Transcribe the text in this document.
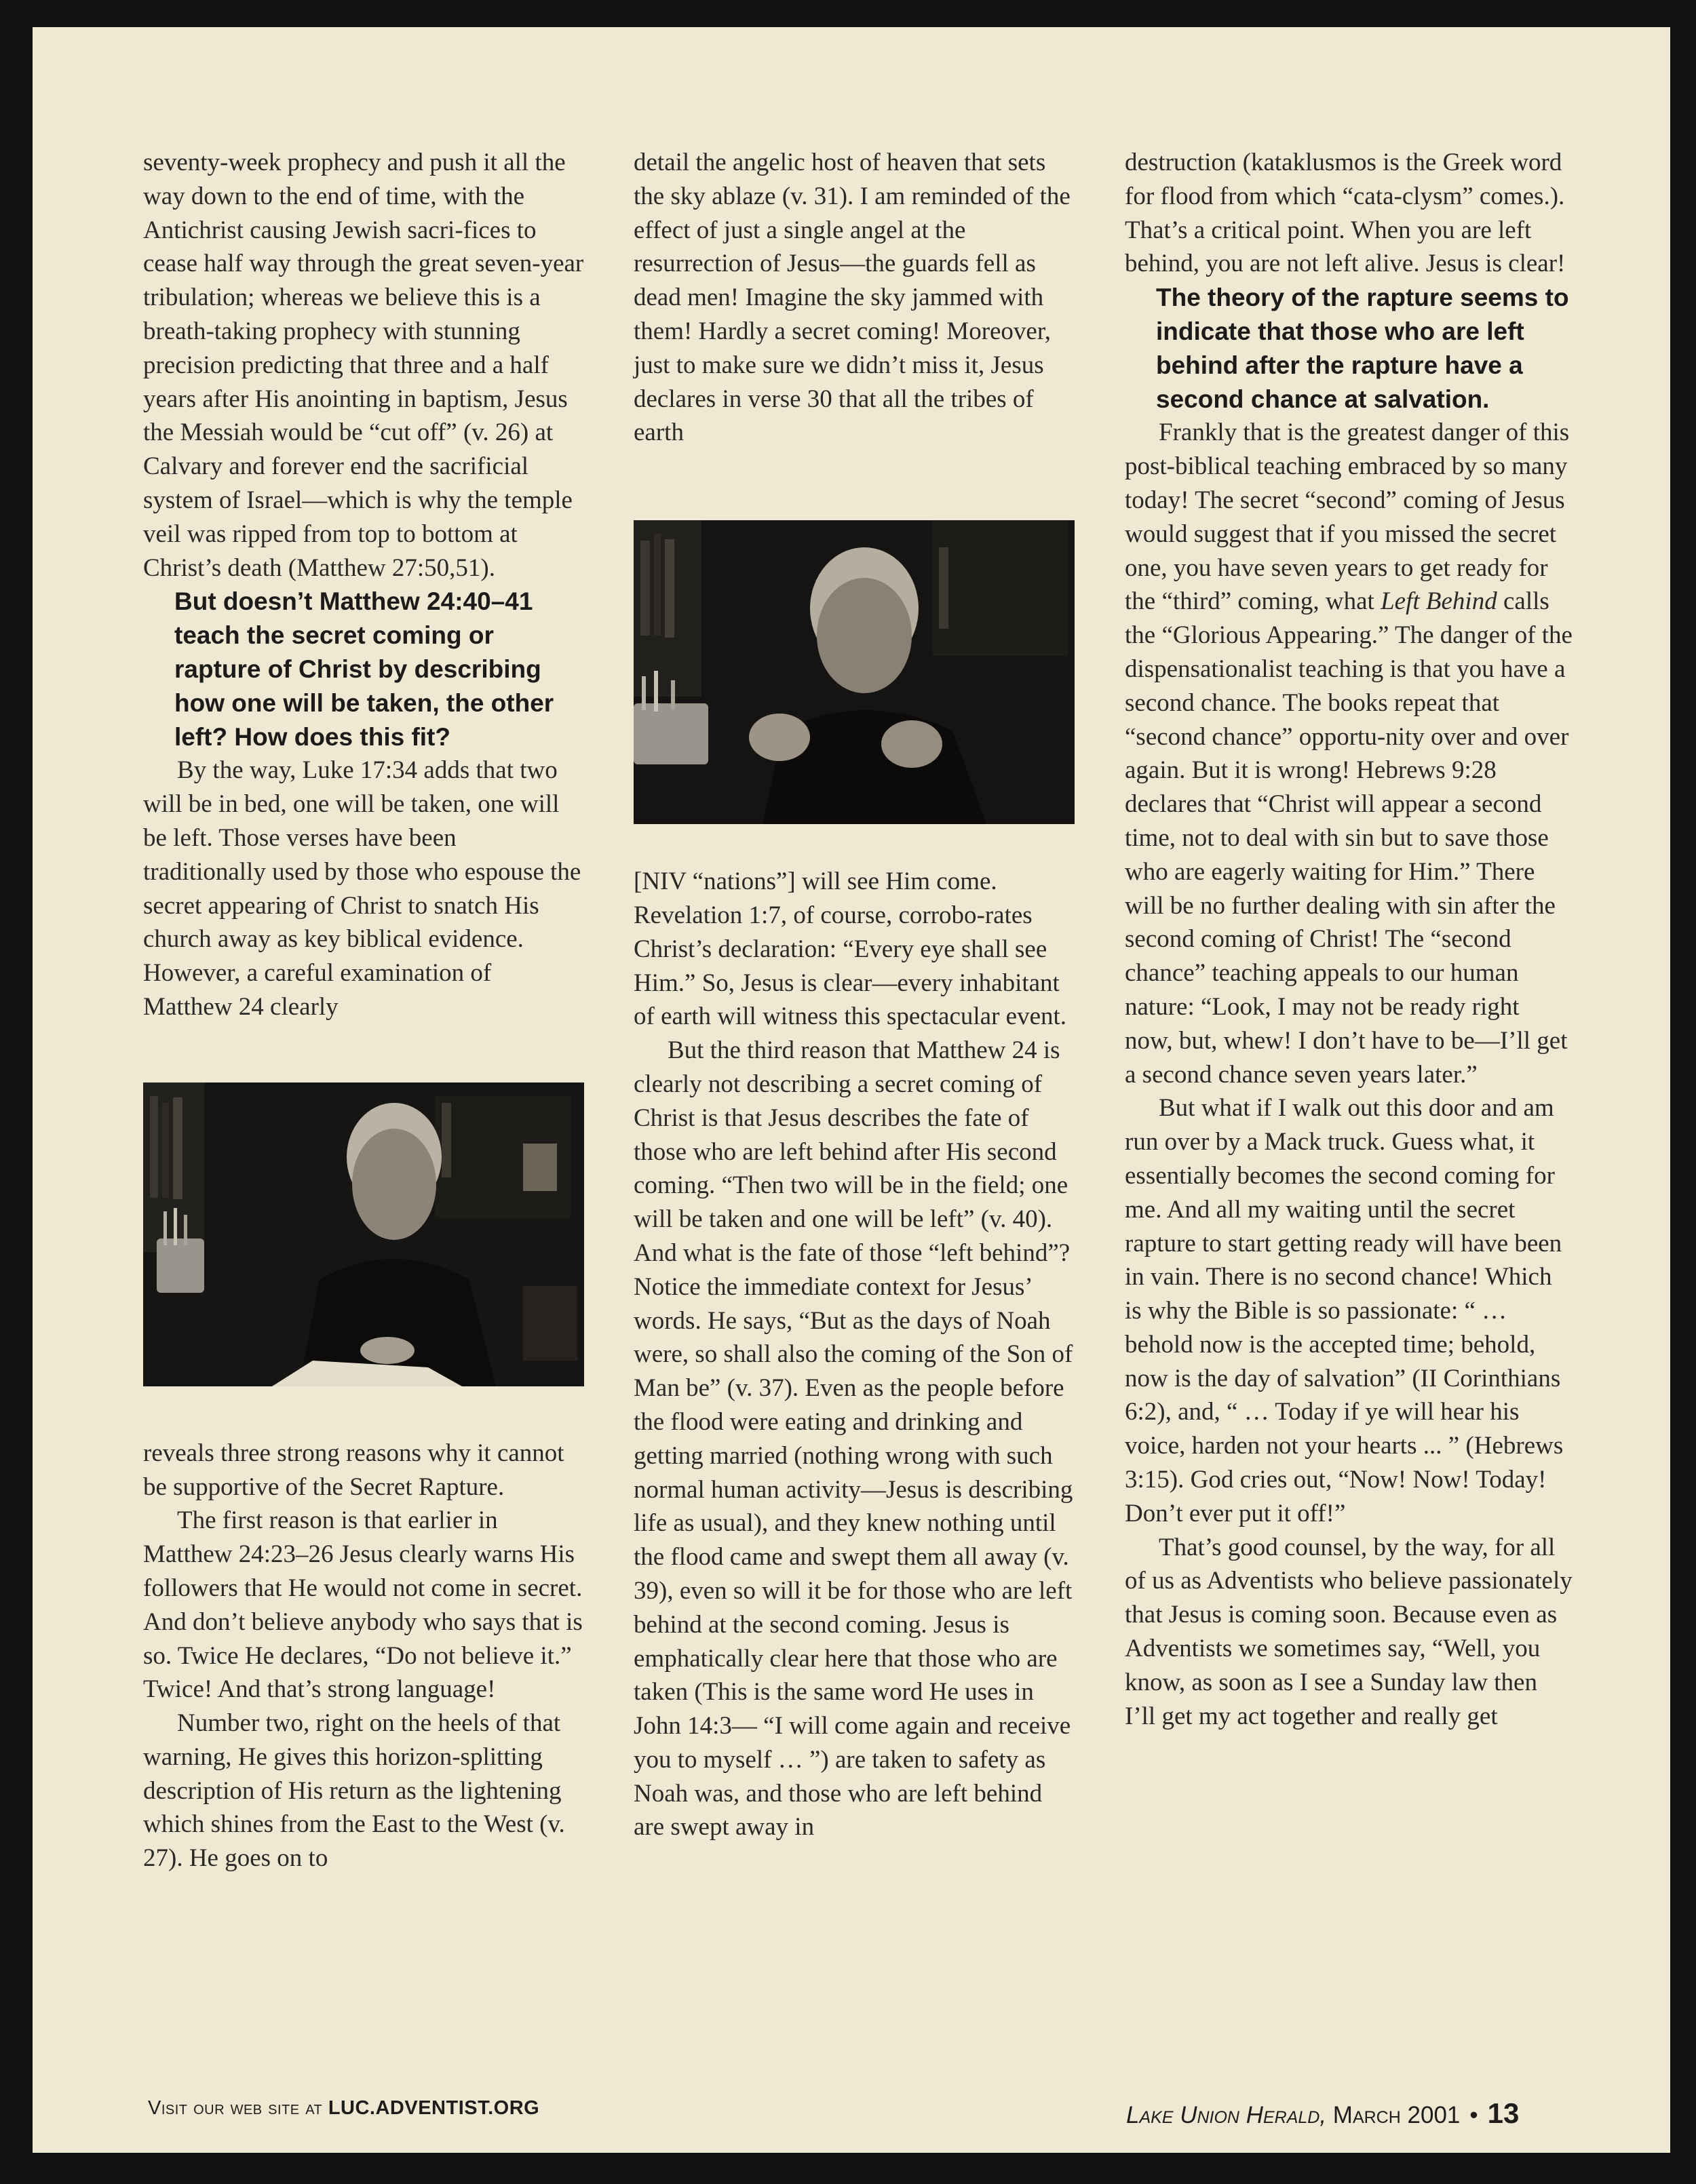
seventy-week prophecy and push it all the way down to the end of time, with the Antichrist causing Jewish sacri-fices to cease half way through the great seven-year tribulation; whereas we believe this is a breath-taking prophecy with stunning precision predicting that three and a half years after His anointing in baptism, Jesus the Messiah would be “cut off” (v. 26) at Calvary and forever end the sacrificial system of Israel—which is why the temple veil was ripped from top to bottom at Christ’s death (Matthew 27:50,51).

But doesn’t Matthew 24:40–41 teach the secret coming or rapture of Christ by describing how one will be taken, the other left? How does this fit?

By the way, Luke 17:34 adds that two will be in bed, one will be taken, one will be left. Those verses have been traditionally used by those who espouse the secret appearing of Christ to snatch His church away as key biblical evidence. However, a careful examination of Matthew 24 clearly

reveals three strong reasons why it cannot be supportive of the Secret Rapture.

The first reason is that earlier in Matthew 24:23–26 Jesus clearly warns His followers that He would not come in secret. And don’t believe anybody who says that is so. Twice He declares, “Do not believe it.” Twice! And that’s strong language!

Number two, right on the heels of that warning, He gives this horizon-splitting description of His return as the lightening which shines from the East to the West (v. 27). He goes on to

detail the angelic host of heaven that sets the sky ablaze (v. 31). I am reminded of the effect of just a single angel at the resurrection of Jesus—the guards fell as dead men! Imagine the sky jammed with them! Hardly a secret coming! Moreover, just to make sure we didn’t miss it, Jesus declares in verse 30 that all the tribes of earth

[NIV “nations”] will see Him come. Revelation 1:7, of course, corrobo-rates Christ’s declaration: “Every eye shall see Him.” So, Jesus is clear—every inhabitant of earth will witness this spectacular event.

But the third reason that Matthew 24 is clearly not describing a secret coming of Christ is that Jesus describes the fate of those who are left behind after His second coming. “Then two will be in the field; one will be taken and one will be left” (v. 40). And what is the fate of those “left behind”? Notice the immediate context for Jesus’ words. He says, “But as the days of Noah were, so shall also the coming of the Son of Man be” (v. 37). Even as the people before the flood were eating and drinking and getting married (nothing wrong with such normal human activity—Jesus is describing life as usual), and they knew nothing until the flood came and swept them all away (v. 39), even so will it be for those who are left behind at the second coming. Jesus is emphatically clear here that those who are taken (This is the same word He uses in John 14:3— “I will come again and receive you to myself … ”) are taken to safety as Noah was, and those who are left behind are swept away in

destruction (kataklusmos is the Greek word for flood from which “cata-clysm” comes.). That’s a critical point. When you are left behind, you are not left alive. Jesus is clear!

The theory of the rapture seems to indicate that those who are left behind after the rapture have a second chance at salvation.

Frankly that is the greatest danger of this post-biblical teaching embraced by so many today! The secret “second” coming of Jesus would suggest that if you missed the secret one, you have seven years to get ready for the “third” coming, what Left Behind calls the “Glorious Appearing.” The danger of the dispensationalist teaching is that you have a second chance. The books repeat that “second chance” opportu-nity over and over again. But it is wrong! Hebrews 9:28 declares that “Christ will appear a second time, not to deal with sin but to save those who are eagerly waiting for Him.” There will be no further dealing with sin after the second coming of Christ! The “second chance” teaching appeals to our human nature: “Look, I may not be ready right now, but, whew! I don’t have to be—I’ll get a second chance seven years later.”

But what if I walk out this door and am run over by a Mack truck. Guess what, it essentially becomes the second coming for me. And all my waiting until the secret rapture to start getting ready will have been in vain. There is no second chance! Which is why the Bible is so passionate: “ … behold now is the accepted time; behold, now is the day of salvation” (II Corinthians 6:2), and, “ … Today if ye will hear his voice, harden not your hearts ... ” (Hebrews 3:15). God cries out, “Now! Now! Today! Don’t ever put it off!”

That’s good counsel, by the way, for all of us as Adventists who believe passionately that Jesus is coming soon. Because even as Adventists we sometimes say, “Well, you know, as soon as I see a Sunday law then I’ll get my act together and really get

Visit our web site at LUC.ADVENTIST.ORG	Lake Union Herald, March 2001 • 13
